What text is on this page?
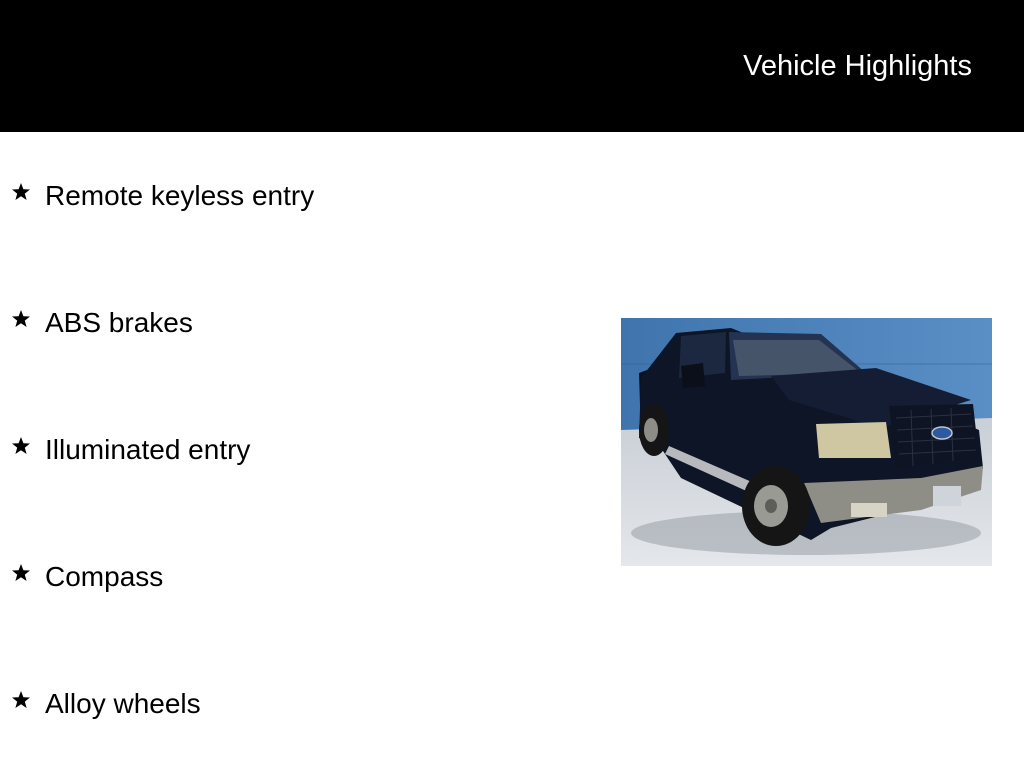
Vehicle Highlights
Remote keyless entry
ABS brakes
Illuminated entry
Compass
Alloy wheels
